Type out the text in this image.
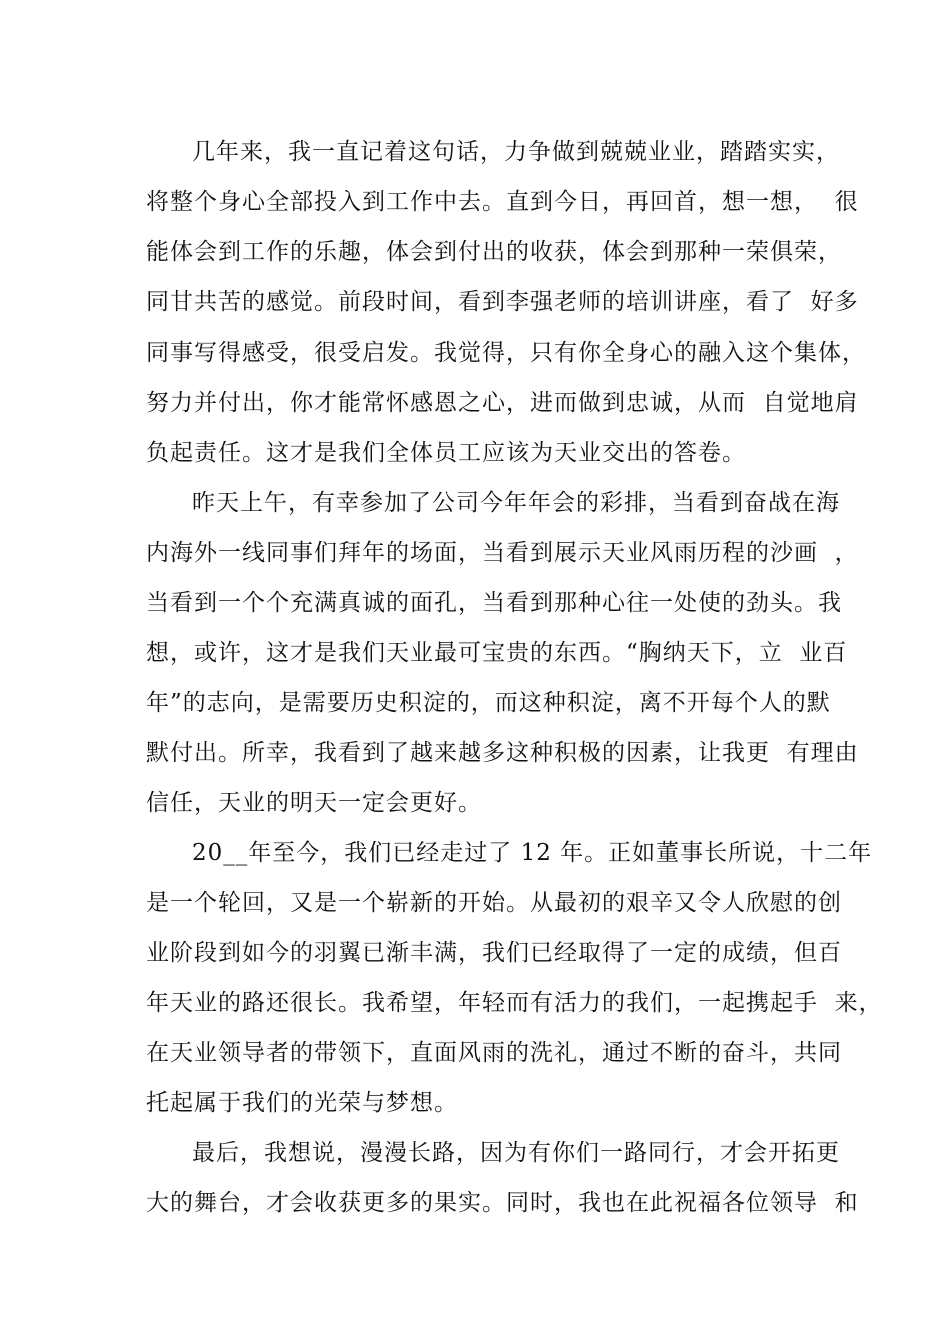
几年来，我一直记着这句话，力争做到兢兢业业，踏踏实实，
将整个身心全部投入到工作中去。直到今日，再回首，想一想，  很
能体会到工作的乐趣，体会到付出的收获，体会到那种一荣俱荣，
同甘共苦的感觉。前段时间，看到李强老师的培训讲座，看了  好多
同事写得感受，很受启发。我觉得，只有你全身心的融入这个集体，
努力并付出，你才能常怀感恩之心，进而做到忠诚，从而  自觉地肩
负起责任。这才是我们全体员工应该为天业交出的答卷。
昨天上午，有幸参加了公司今年年会的彩排，当看到奋战在海
内海外一线同事们拜年的场面，当看到展示天业风雨历程的沙画  ，
当看到一个个充满真诚的面孔，当看到那种心往一处使的劲头。我
想，或许，这才是我们天业最可宝贵的东西。“胸纳天下，立  业百
年”的志向，是需要历史积淀的，而这种积淀，离不开每个人的默
默付出。所幸，我看到了越来越多这种积极的因素，让我更  有理由
信任，天业的明天一定会更好。
20__年至今，我们已经走过了 12 年。正如董事长所说，十二年
是一个轮回，又是一个崭新的开始。从最初的艰辛又令人欣慰的创
业阶段到如今的羽翼已渐丰满，我们已经取得了一定的成绩，但百
年天业的路还很长。我希望，年轻而有活力的我们，一起携起手  来，
在天业领导者的带领下，直面风雨的洗礼，通过不断的奋斗，共同
托起属于我们的光荣与梦想。
最后，我想说，漫漫长路，因为有你们一路同行，才会开拓更
大的舞台，才会收获更多的果实。同时，我也在此祝福各位领导  和
